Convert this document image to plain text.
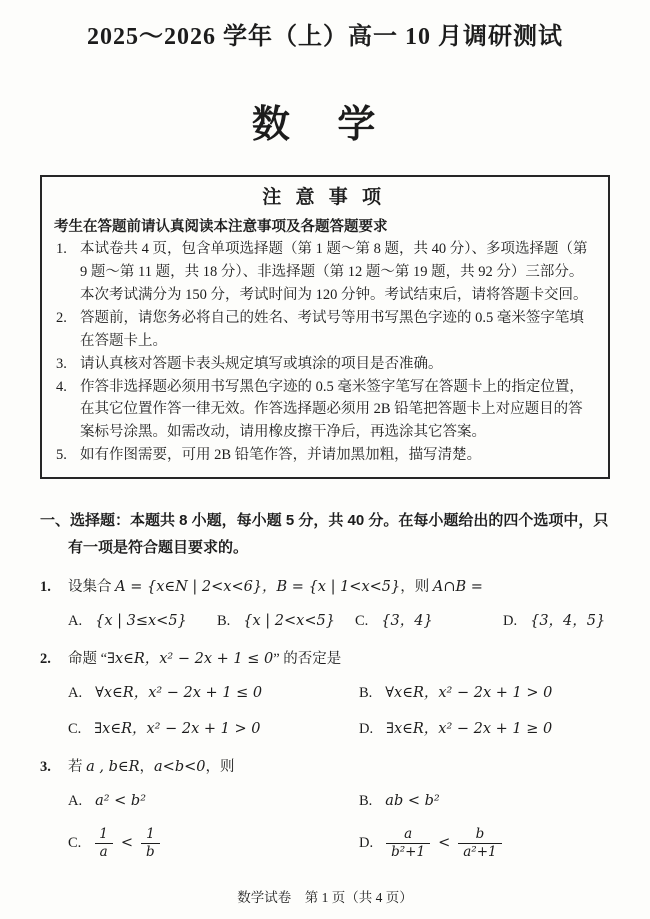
2025～2026 学年（上）高一 10 月调研测试
数学
注意事项
考生在答题前请认真阅读本注意事项及各题答题要求
1. 本试卷共 4 页，包含单项选择题（第 1 题～第 8 题，共 40 分）、多项选择题（第 9 题～第 11 题，共 18 分）、非选择题（第 12 题～第 19 题，共 92 分）三部分。本次考试满分为 150 分，考试时间为 120 分钟。考试结束后，请将答题卡交回。
2. 答题前，请您务必将自己的姓名、考试号等用书写黑色字迹的 0.5 毫米签字笔填在答题卡上。
3. 请认真核对答题卡表头规定填写或填涂的项目是否准确。
4. 作答非选择题必须用书写黑色字迹的 0.5 毫米签字笔写在答题卡上的指定位置，在其它位置作答一律无效。作答选择题必须用 2B 铅笔把答题卡上对应题目的答案标号涂黑。如需改动，请用橡皮擦干净后，再选涂其它答案。
5. 如有作图需要，可用 2B 铅笔作答，并请加黑加粗，描写清楚。
一、选择题：本题共 8 小题，每小题 5 分，共 40 分。在每小题给出的四个选项中，只有一项是符合题目要求的。
1.	设集合 A = {x∈N | 2<x<6}，B = {x | 1<x<5}，则 A∩B =
A. {x | 3≤x<5} B. {x | 2<x<5} C. {3，4}	D. {3，4，5}
2.	命题 “∃x∈R，x² − 2x + 1 ≤ 0” 的否定是
A. ∀x∈R，x² − 2x + 1 ≤ 0	B. ∀x∈R，x² − 2x + 1 > 0
C. ∃x∈R，x² − 2x + 1 > 0	D. ∃x∈R，x² − 2x + 1 ≥ 0
3.	若 a , b∈R，a<b<0，则
A. a² < b²	B. ab < b²
C. $\frac{1}{a} < \frac{1}{b}$	D. $\frac{a}{\text{b²+1}} < \frac{b}{\text{a²+1}}$
数学试卷　第 1 页（共 4 页）
